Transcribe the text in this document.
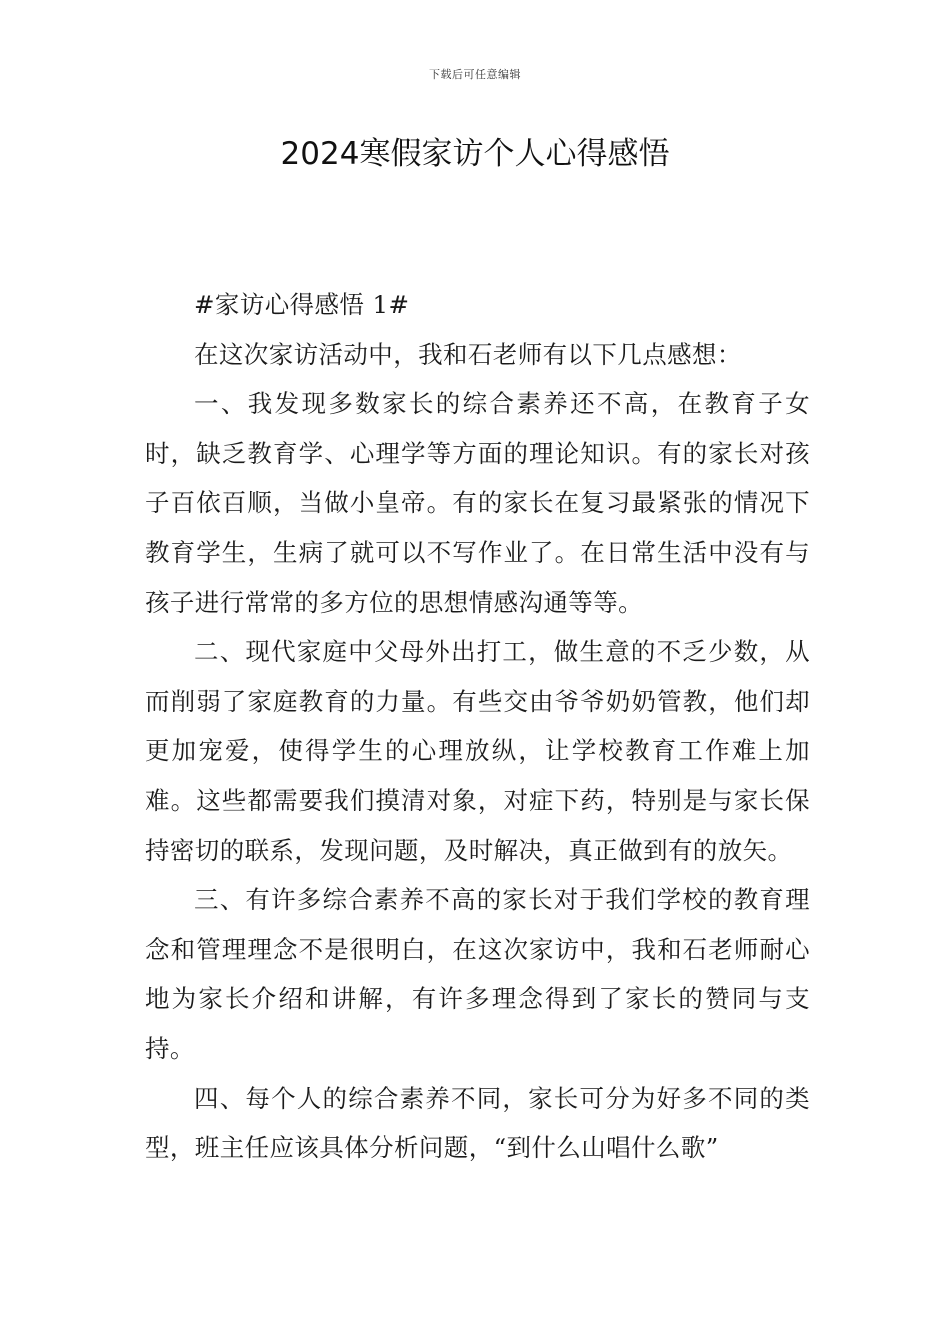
下载后可任意编辑
2024寒假家访个人心得感悟

#家访心得感悟 1#

在这次家访活动中，我和石老师有以下几点感想：

一、我发现多数家长的综合素养还不高，在教育子女时，缺乏教育学、心理学等方面的理论知识。有的家长对孩子百依百顺，当做小皇帝。有的家长在复习最紧张的情况下教育学生，生病了就可以不写作业了。在日常生活中没有与孩子进行常常的多方位的思想情感沟通等等。

二、现代家庭中父母外出打工，做生意的不乏少数，从而削弱了家庭教育的力量。有些交由爷爷奶奶管教，他们却更加宠爱，使得学生的心理放纵，让学校教育工作难上加难。这些都需要我们摸清对象，对症下药，特别是与家长保持密切的联系，发现问题，及时解决，真正做到有的放矢。

三、有许多综合素养不高的家长对于我们学校的教育理念和管理理念不是很明白，在这次家访中，我和石老师耐心地为家长介绍和讲解，有许多理念得到了家长的赞同与支持。

四、每个人的综合素养不同，家长可分为好多不同的类型，班主任应该具体分析问题，“到什么山唱什么歌”
